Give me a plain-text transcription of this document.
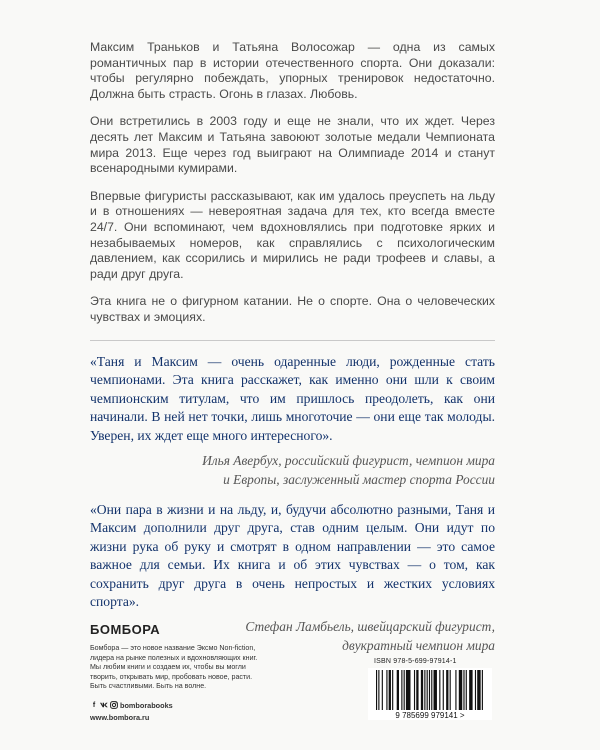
Максим Траньков и Татьяна Волосожар — одна из самых романтичных пар в истории отечественного спорта. Они доказали: чтобы регулярно побеждать, упорных тренировок недостаточно. Должна быть страсть. Огонь в глазах. Любовь.

Они встретились в 2003 году и еще не знали, что их ждет. Через десять лет Максим и Татьяна завоюют золотые медали Чемпионата мира 2013. Еще через год выиграют на Олимпиаде 2014 и станут всенародными кумирами.

Впервые фигуристы рассказывают, как им удалось преуспеть на льду и в отношениях — невероятная задача для тех, кто всегда вместе 24/7. Они вспоминают, чем вдохновлялись при подготовке ярких и незабываемых номеров, как справлялись с психологическим давлением, как ссорились и мирились не ради трофеев и славы, а ради друг друга.

Эта книга не о фигурном катании. Не о спорте. Она о человеческих чувствах и эмоциях.

«Таня и Максим — очень одаренные люди, рожденные стать чемпионами. Эта книга расскажет, как именно они шли к своим чемпионским титулам, что им пришлось преодолеть, как они начинали. В ней нет точки, лишь многоточие — они еще так молоды. Уверен, их ждет еще много интересного».

Илья Авербух, российский фигурист, чемпион мира
и Европы, заслуженный мастер спорта России

«Они пара в жизни и на льду, и, будучи абсолютно разными, Таня и Максим дополнили друг друга, став одним целым. Они идут по жизни рука об руку и смотрят в одном направлении — это самое важное для семьи. Их книга и об этих чувствах — о том, как сохранить друг друга в очень непростых и жестких условиях спорта».

Стефан Ламбьель, швейцарский фигурист,
двукратный чемпион мира

БОМБОРА
Бомбора — это новое название Эксмо Non-fiction,
лидера на рынке полезных и вдохновляющих книг.
Мы любим книги и создаем их, чтобы вы могли
творить, открывать мир, пробовать новое, расти.
Быть счастливыми. Быть на волне.
f	bomborabooks
www.bombora.ru
ISBN 978-5-699-97914-1
9 785699 979141 >
